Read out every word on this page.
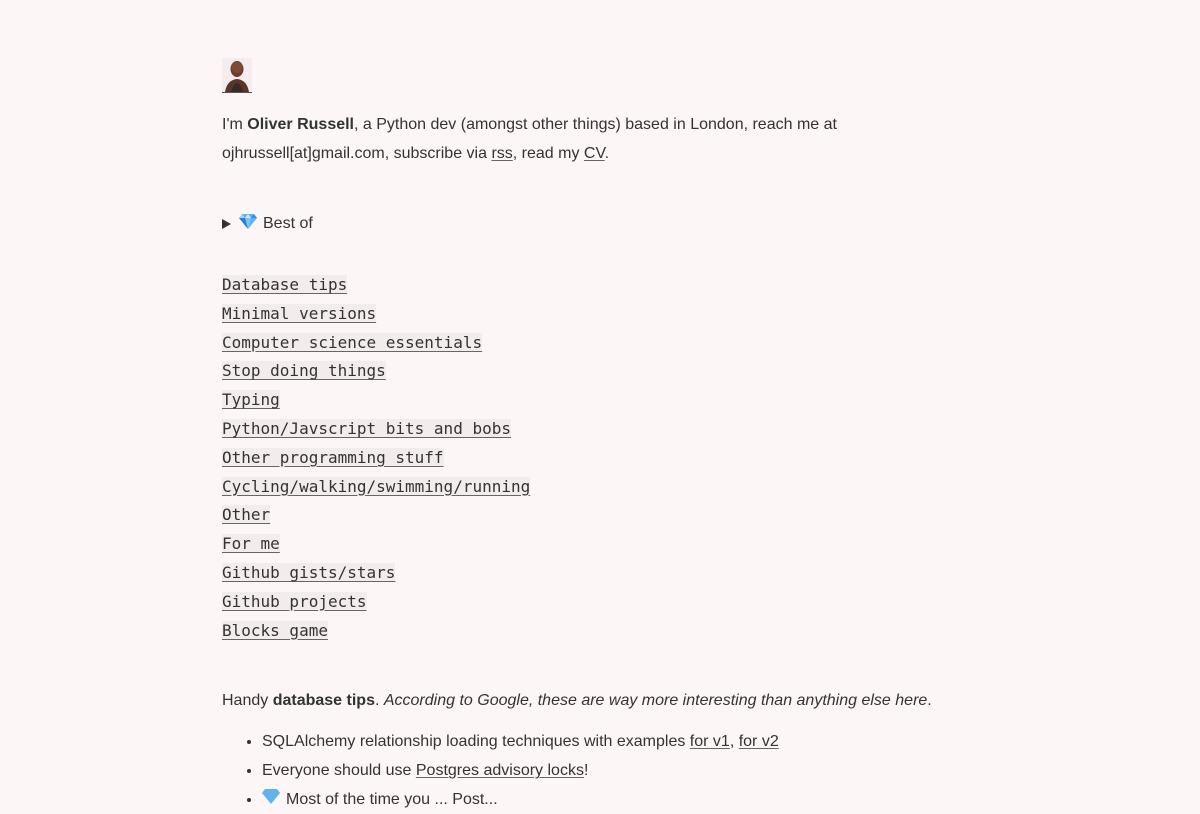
I'm Oliver Russell, a Python dev (amongst other things) based in London, reach me at ojhrussell[at]gmail.com, subscribe via rss, read my CV.

Best of
Database tips
Minimal versions
Computer science essentials
Stop doing things
Typing
Python/Javscript bits and bobs
Other programming stuff
Cycling/walking/swimming/running
Other
For me
Github gists/stars
Github projects
Blocks game
Handy database tips. According to Google, these are way more interesting than anything else here.
• SQLAlchemy relationship loading techniques with examples for v1, for v2
• Everyone should use Postgres advisory locks!
• Most of the time you ... Post...
